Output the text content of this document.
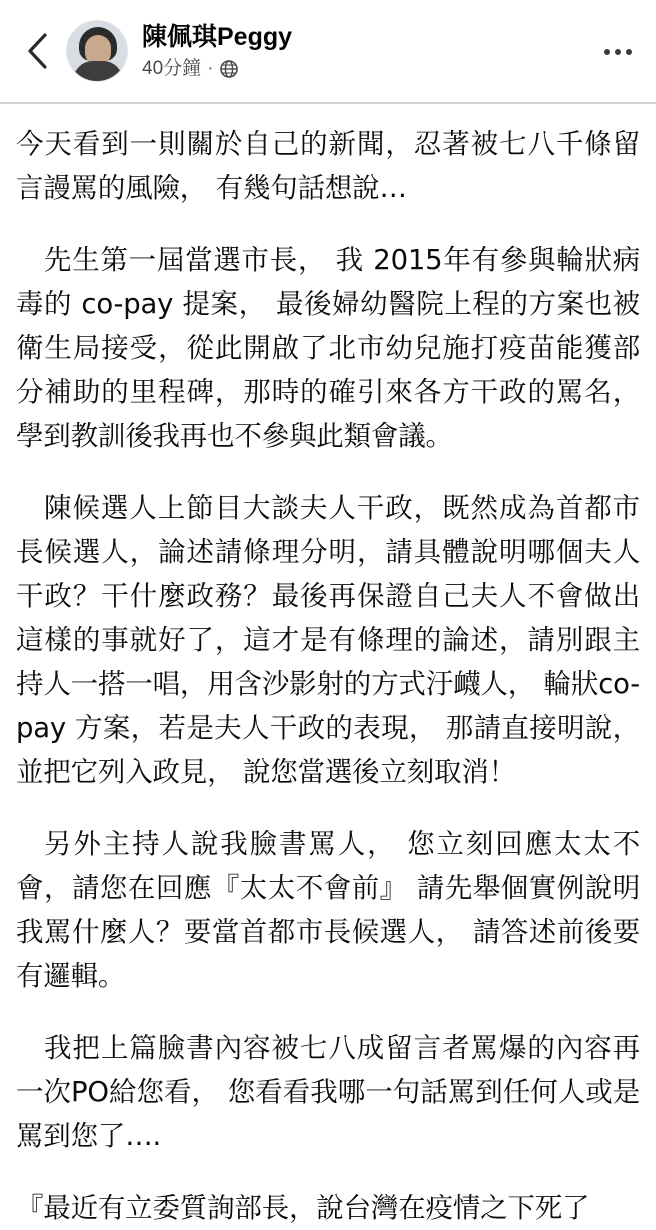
陳佩琪Peggy
40分鐘 ·

今天看到一則關於自己的新聞，忍著被七八千條留言謾罵的風險， 有幾句話想說…

先生第一屆當選市長， 我 2015年有參與輪狀病毒的 co-pay 提案， 最後婦幼醫院上程的方案也被衛生局接受，從此開啟了北市幼兒施打疫苗能獲部分補助的里程碑，那時的確引來各方干政的罵名，學到教訓後我再也不參與此類會議。

陳候選人上節目大談夫人干政，既然成為首都市長候選人，論述請條理分明，請具體說明哪個夫人干政？干什麼政務？最後再保證自己夫人不會做出這樣的事就好了，這才是有條理的論述，請別跟主持人一搭一唱，用含沙影射的方式汙衊人， 輪狀co-pay 方案，若是夫人干政的表現， 那請直接明說， 並把它列入政見， 說您當選後立刻取消！

另外主持人說我臉書罵人， 您立刻回應太太不會，請您在回應『太太不會前』 請先舉個實例說明我罵什麼人？要當首都市長候選人， 請答述前後要有邏輯。

我把上篇臉書內容被七八成留言者罵爆的內容再一次PO給您看， 您看看我哪一句話罵到任何人或是罵到您了….

『最近有立委質詢部長，說台灣在疫情之下死了
